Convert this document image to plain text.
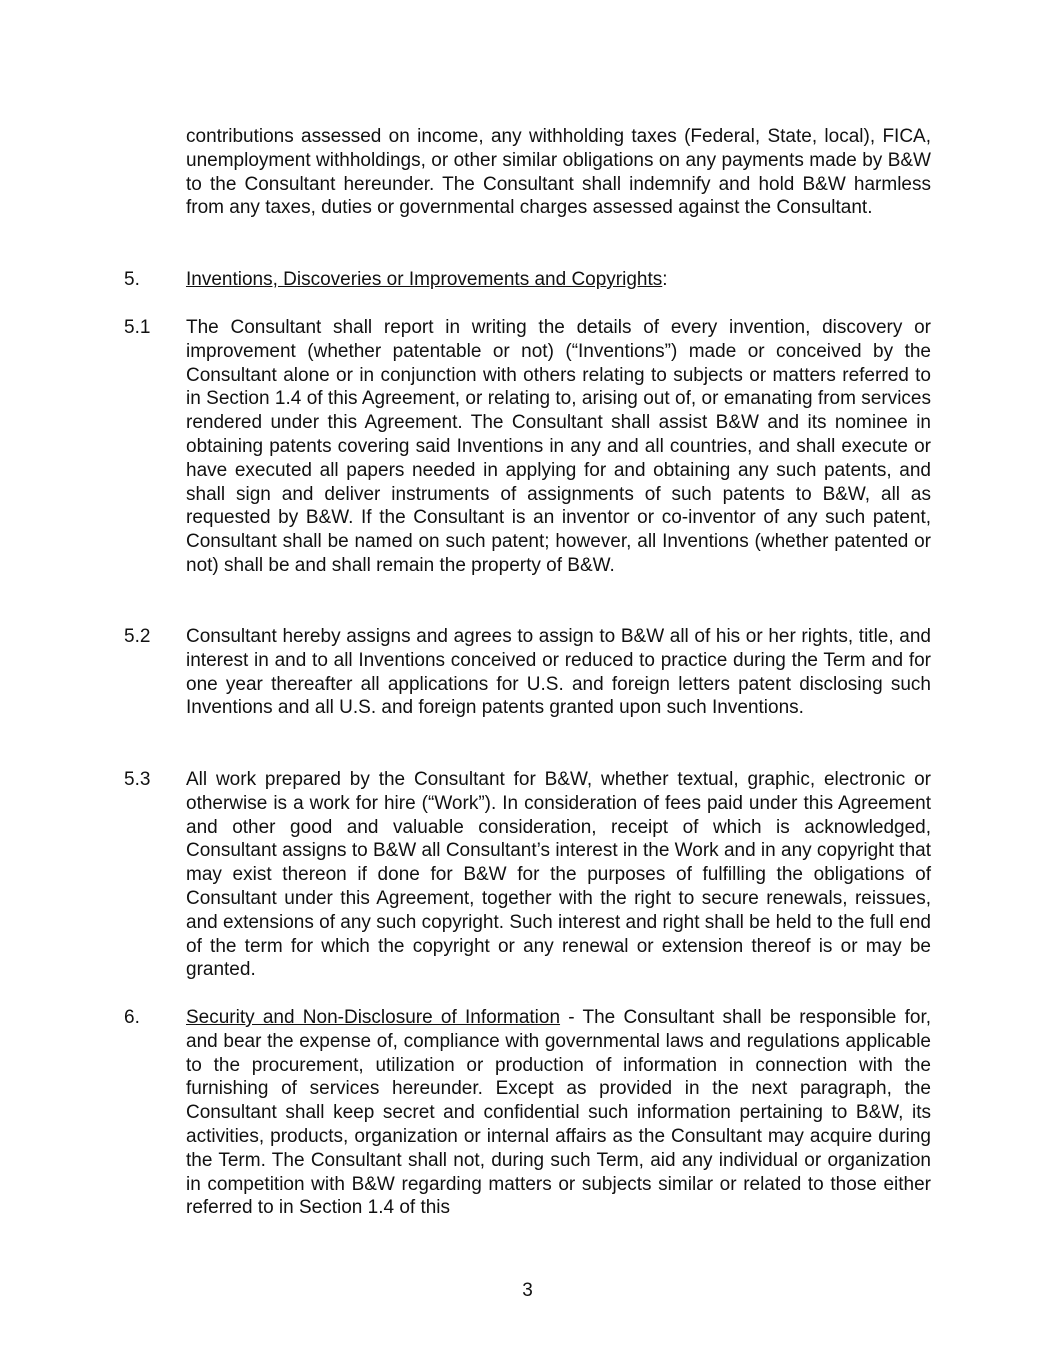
contributions assessed on income, any withholding taxes (Federal, State, local), FICA, unemployment withholdings, or other similar obligations on any payments made by B&W to the Consultant hereunder. The Consultant shall indemnify and hold B&W harmless from any taxes, duties or governmental charges assessed against the Consultant.
5. Inventions, Discoveries or Improvements and Copyrights:
5.1 The Consultant shall report in writing the details of every invention, discovery or improvement (whether patentable or not) (“Inventions”) made or conceived by the Consultant alone or in conjunction with others relating to subjects or matters referred to in Section 1.4 of this Agreement, or relating to, arising out of, or emanating from services rendered under this Agreement. The Consultant shall assist B&W and its nominee in obtaining patents covering said Inventions in any and all countries, and shall execute or have executed all papers needed in applying for and obtaining any such patents, and shall sign and deliver instruments of assignments of such patents to B&W, all as requested by B&W. If the Consultant is an inventor or co-inventor of any such patent, Consultant shall be named on such patent; however, all Inventions (whether patented or not) shall be and shall remain the property of B&W.
5.2 Consultant hereby assigns and agrees to assign to B&W all of his or her rights, title, and interest in and to all Inventions conceived or reduced to practice during the Term and for one year thereafter all applications for U.S. and foreign letters patent disclosing such Inventions and all U.S. and foreign patents granted upon such Inventions.
5.3 All work prepared by the Consultant for B&W, whether textual, graphic, electronic or otherwise is a work for hire (“Work”). In consideration of fees paid under this Agreement and other good and valuable consideration, receipt of which is acknowledged, Consultant assigns to B&W all Consultant’s interest in the Work and in any copyright that may exist thereon if done for B&W for the purposes of fulfilling the obligations of Consultant under this Agreement, together with the right to secure renewals, reissues, and extensions of any such copyright. Such interest and right shall be held to the full end of the term for which the copyright or any renewal or extension thereof is or may be granted.
6. Security and Non-Disclosure of Information - The Consultant shall be responsible for, and bear the expense of, compliance with governmental laws and regulations applicable to the procurement, utilization or production of information in connection with the furnishing of services hereunder. Except as provided in the next paragraph, the Consultant shall keep secret and confidential such information pertaining to B&W, its activities, products, organization or internal affairs as the Consultant may acquire during the Term. The Consultant shall not, during such Term, aid any individual or organization in competition with B&W regarding matters or subjects similar or related to those either referred to in Section 1.4 of this
3
